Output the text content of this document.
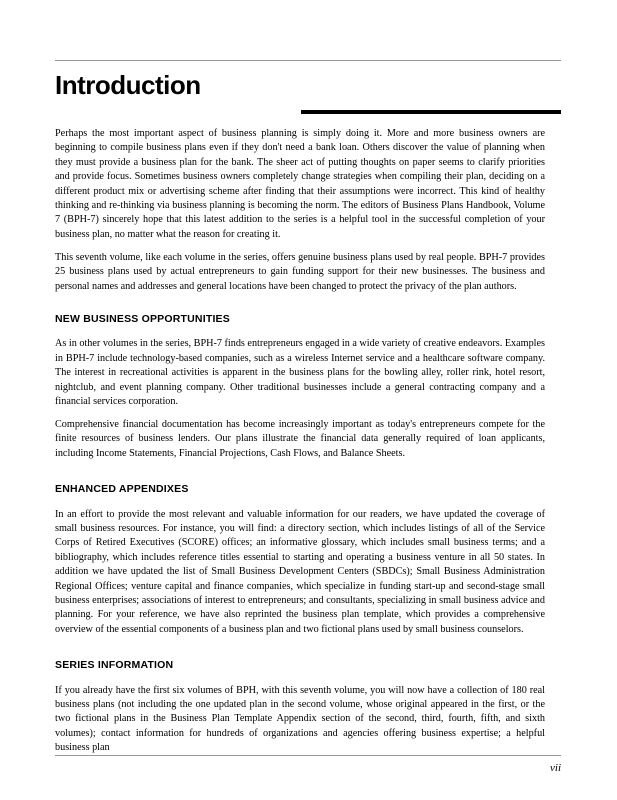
Introduction

Perhaps the most important aspect of business planning is simply doing it. More and more business owners are beginning to compile business plans even if they don't need a bank loan. Others discover the value of planning when they must provide a business plan for the bank. The sheer act of putting thoughts on paper seems to clarify priorities and provide focus. Sometimes business owners completely change strategies when compiling their plan, deciding on a different product mix or advertising scheme after finding that their assumptions were incorrect. This kind of healthy thinking and re-thinking via business planning is becoming the norm. The editors of Business Plans Handbook, Volume 7 (BPH-7) sincerely hope that this latest addition to the series is a helpful tool in the successful completion of your business plan, no matter what the reason for creating it.

This seventh volume, like each volume in the series, offers genuine business plans used by real people. BPH-7 provides 25 business plans used by actual entrepreneurs to gain funding support for their new businesses. The business and personal names and addresses and general locations have been changed to protect the privacy of the plan authors.

NEW BUSINESS OPPORTUNITIES

As in other volumes in the series, BPH-7 finds entrepreneurs engaged in a wide variety of creative endeavors. Examples in BPH-7 include technology-based companies, such as a wireless Internet service and a healthcare software company. The interest in recreational activities is apparent in the business plans for the bowling alley, roller rink, hotel resort, nightclub, and event planning company. Other traditional businesses include a general contracting company and a financial services corporation.

Comprehensive financial documentation has become increasingly important as today's entrepreneurs compete for the finite resources of business lenders. Our plans illustrate the financial data generally required of loan applicants, including Income Statements, Financial Projections, Cash Flows, and Balance Sheets.

ENHANCED APPENDIXES

In an effort to provide the most relevant and valuable information for our readers, we have updated the coverage of small business resources. For instance, you will find: a directory section, which includes listings of all of the Service Corps of Retired Executives (SCORE) offices; an informative glossary, which includes small business terms; and a bibliography, which includes reference titles essential to starting and operating a business venture in all 50 states. In addition we have updated the list of Small Business Development Centers (SBDCs); Small Business Administration Regional Offices; venture capital and finance companies, which specialize in funding start-up and second-stage small business enterprises; associations of interest to entrepreneurs; and consultants, specializing in small business advice and planning. For your reference, we have also reprinted the business plan template, which provides a comprehensive overview of the essential components of a business plan and two fictional plans used by small business counselors.

SERIES INFORMATION

If you already have the first six volumes of BPH, with this seventh volume, you will now have a collection of 180 real business plans (not including the one updated plan in the second volume, whose original appeared in the first, or the two fictional plans in the Business Plan Template Appendix section of the second, third, fourth, fifth, and sixth volumes); contact information for hundreds of organizations and agencies offering business expertise; a helpful business plan

vii
